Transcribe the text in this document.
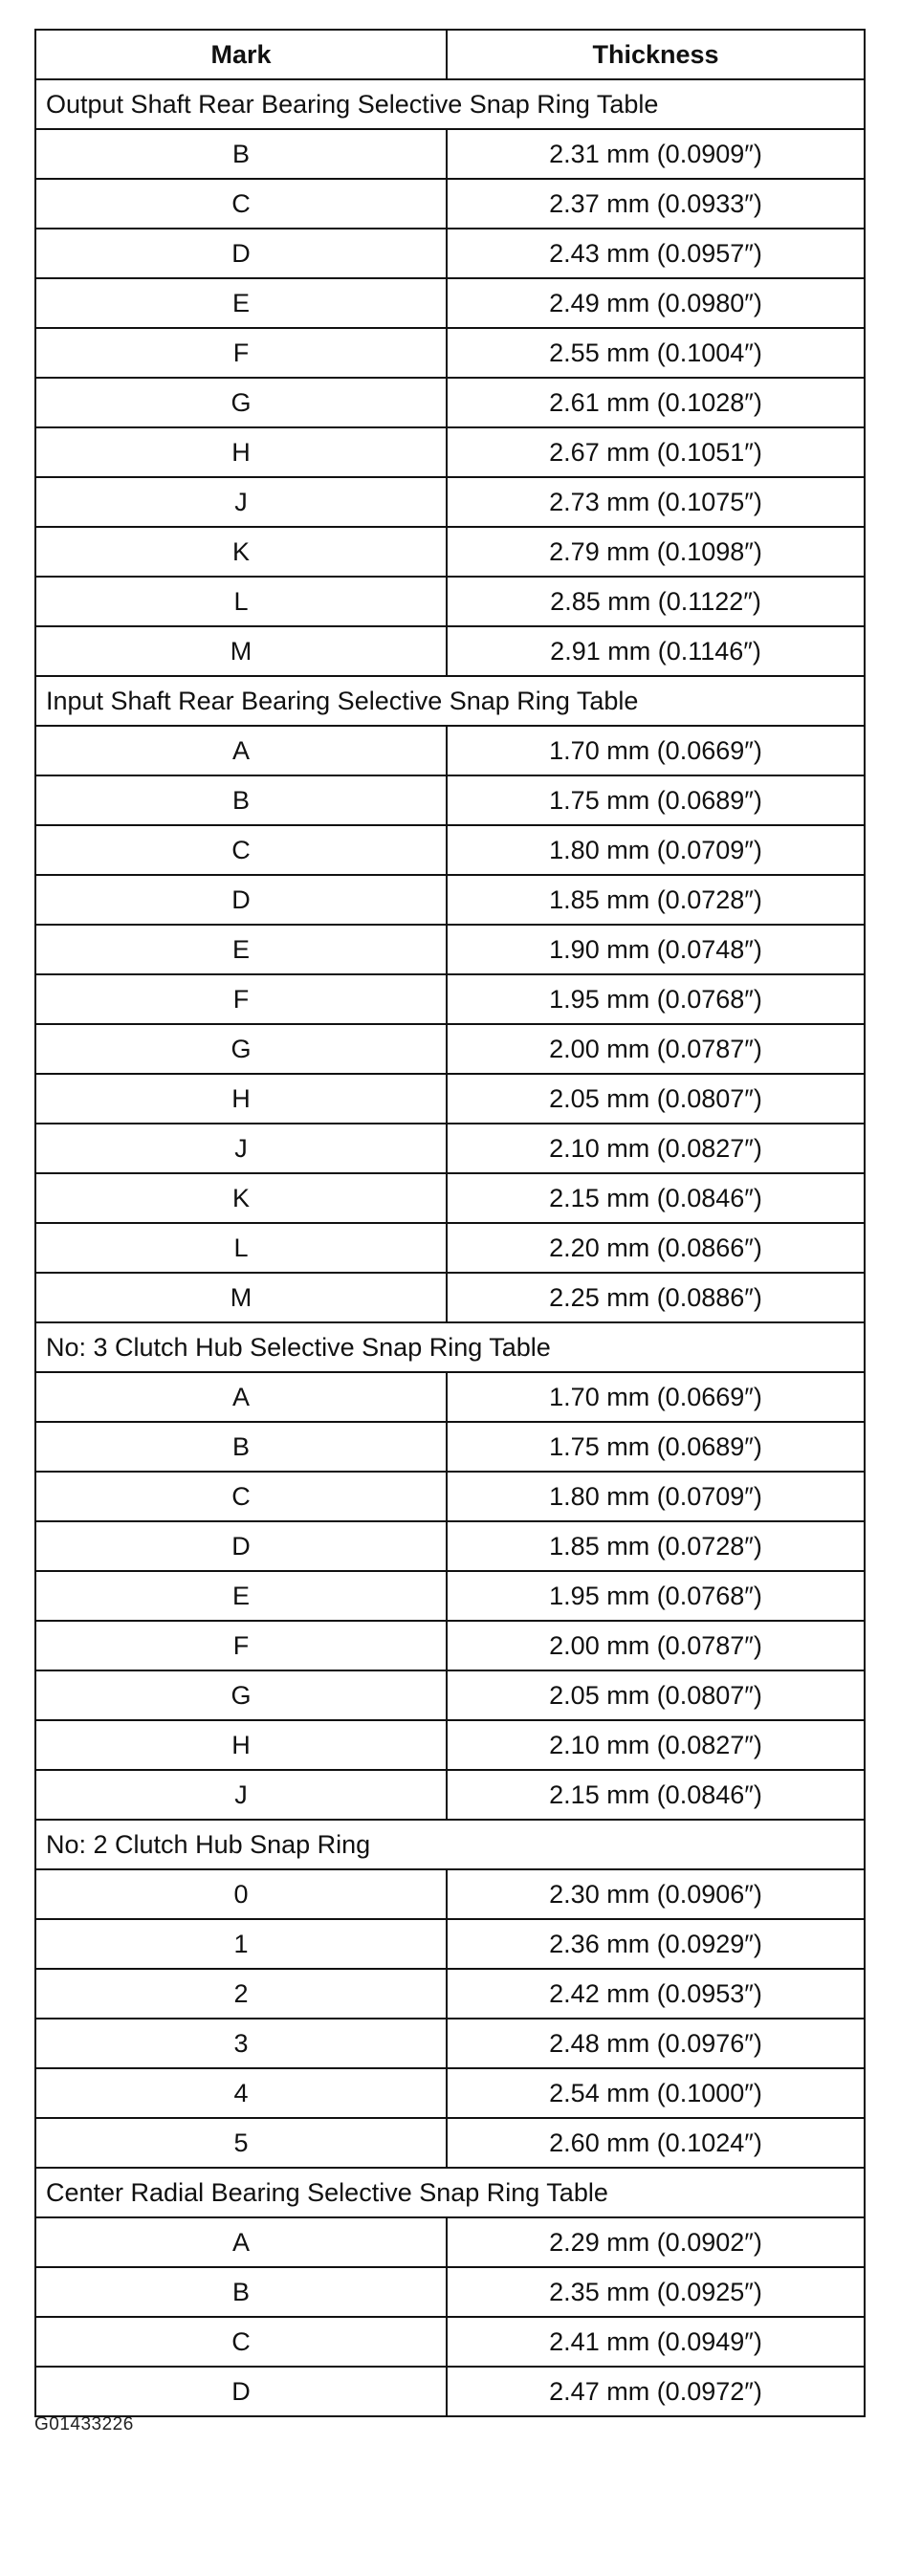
Mark	Thickness
Output Shaft Rear Bearing Selective Snap Ring Table	
B	2.31 mm (0.0909″)
C	2.37 mm (0.0933″)
D	2.43 mm (0.0957″)
E	2.49 mm (0.0980″)
F	2.55 mm (0.1004″)
G	2.61 mm (0.1028″)
H	2.67 mm (0.1051″)
J	2.73 mm (0.1075″)
K	2.79 mm (0.1098″)
L	2.85 mm (0.1122″)
M	2.91 mm (0.1146″)
Input Shaft Rear Bearing Selective Snap Ring Table	
A	1.70 mm (0.0669″)
B	1.75 mm (0.0689″)
C	1.80 mm (0.0709″)
D	1.85 mm (0.0728″)
E	1.90 mm (0.0748″)
F	1.95 mm (0.0768″)
G	2.00 mm (0.0787″)
H	2.05 mm (0.0807″)
J	2.10 mm (0.0827″)
K	2.15 mm (0.0846″)
L	2.20 mm (0.0866″)
M	2.25 mm (0.0886″)
No: 3 Clutch Hub Selective Snap Ring Table	
A	1.70 mm (0.0669″)
B	1.75 mm (0.0689″)
C	1.80 mm (0.0709″)
D	1.85 mm (0.0728″)
E	1.95 mm (0.0768″)
F	2.00 mm (0.0787″)
G	2.05 mm (0.0807″)
H	2.10 mm (0.0827″)
J	2.15 mm (0.0846″)
No: 2 Clutch Hub Snap Ring	
0	2.30 mm (0.0906″)
1	2.36 mm (0.0929″)
2	2.42 mm (0.0953″)
3	2.48 mm (0.0976″)
4	2.54 mm (0.1000″)
5	2.60 mm (0.1024″)
Center Radial Bearing Selective Snap Ring Table	
A	2.29 mm (0.0902″)
B	2.35 mm (0.0925″)
C	2.41 mm (0.0949″)
D	2.47 mm (0.0972″)
G01433226
